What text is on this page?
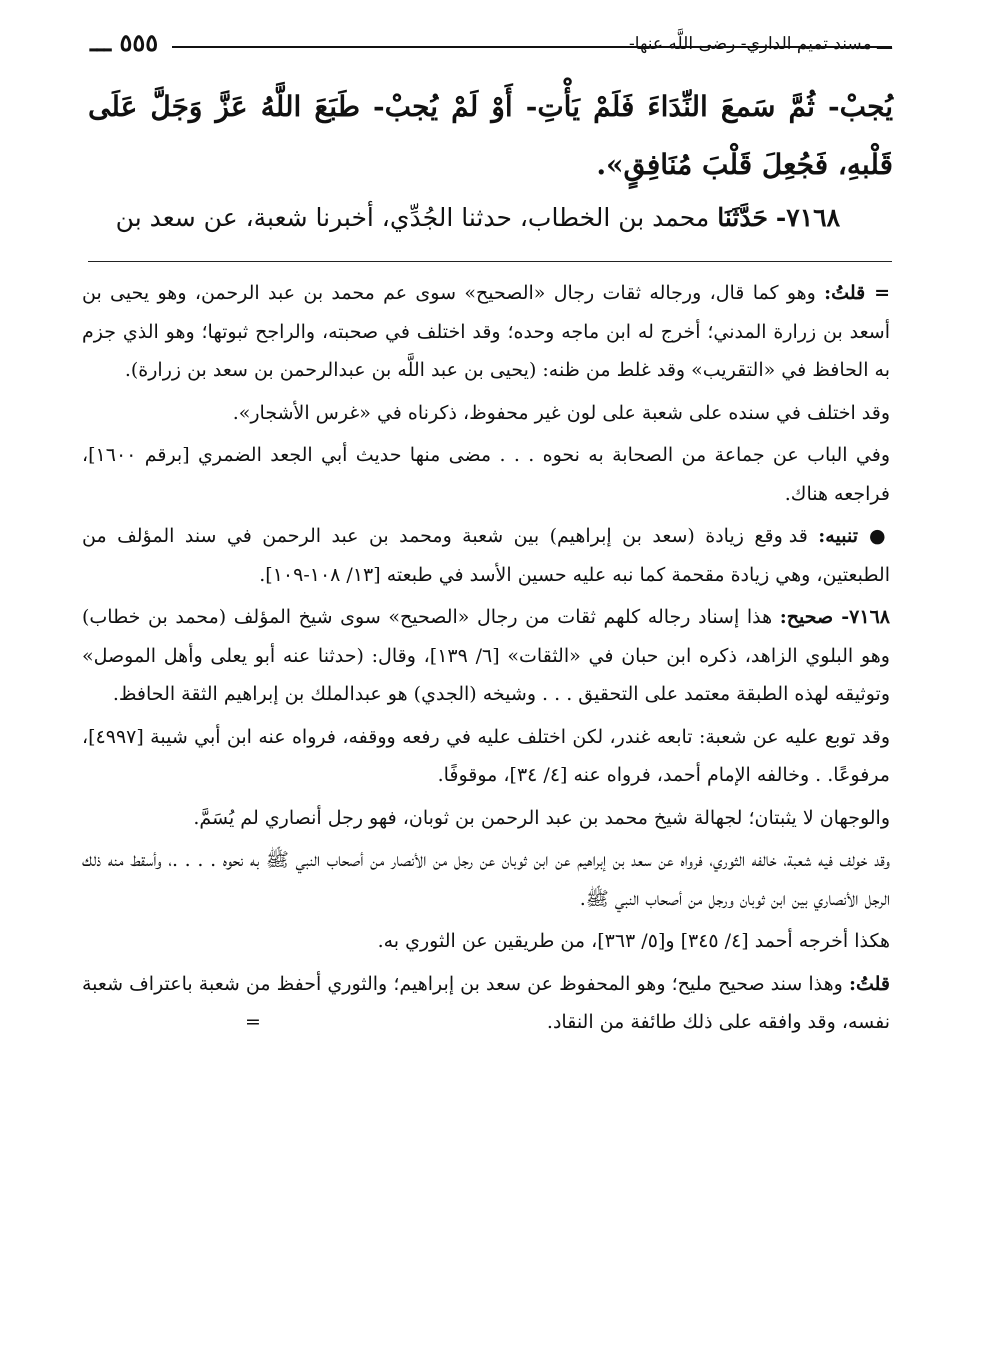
ـــ مسند تميم الداري- رضى اللَّه عنها-
٥٥٥ ـــ

يُجبْ- ثُمَّ سَمعَ النِّدَاءَ فَلَمْ يَأْتِ- أَوْ لَمْ يُجبْ- طَبَعَ اللَّهُ عَزَّ وَجَلَّ عَلَى قَلْبهِ، فَجُعِلَ قَلْبَ مُنَافِقٍ».

٧١٦٨- حَدَّثَنَا محمد بن الخطاب، حدثنا الجُدِّي، أخبرنا شعبة، عن سعد بن

= قلتُ: وهو كما قال، ورجاله ثقات رجال «الصحيح» سوى عم محمد بن عبد الرحمن، وهو يحيى بن أسعد بن زرارة المدني؛ أخرج له ابن ماجه وحده؛ وقد اختلف في صحبته، والراجح ثبوتها؛ وهو الذي جزم به الحافظ في «التقريب» وقد غلط من ظنه: (يحيى بن عبد اللَّه بن عبدالرحمن بن سعد بن زرارة).

وقد اختلف في سنده على شعبة على لون غير محفوظ، ذكرناه في «غرس الأشجار».

وفي الباب عن جماعة من الصحابة به نحوه . . . مضى منها حديث أبي الجعد الضمري [برقم ١٦٠٠]، فراجعه هناك.

● تنبيه: قد وقع زيادة (سعد بن إبراهيم) بين شعبة ومحمد بن عبد الرحمن في سند المؤلف من الطبعتين، وهي زيادة مقحمة كما نبه عليه حسين الأسد في طبعته [١٣/ ١٠٨-١٠٩].

٧١٦٨- صحيح: هذا إسناد رجاله كلهم ثقات من رجال «الصحيح» سوى شيخ المؤلف (محمد بن خطاب) وهو البلوي الزاهد، ذكره ابن حبان في «الثقات» [٦/ ١٣٩]، وقال: (حدثنا عنه أبو يعلى وأهل الموصل» وتوثيقه لهذه الطبقة معتمد على التحقيق . . . وشيخه (الجدي) هو عبدالملك بن إبراهيم الثقة الحافظ.

وقد توبع عليه عن شعبة: تابعه غندر، لكن اختلف عليه في رفعه ووقفه، فرواه عنه ابن أبي شيبة [٤٩٩٧]، مرفوعًا. . وخالفه الإمام أحمد، فرواه عنه [٤/ ٣٤]، موقوفًا.

والوجهان لا يثبتان؛ لجهالة شيخ محمد بن عبد الرحمن بن ثوبان، فهو رجل أنصاري لم يُسَمَّ.

وقد خولف فيه شعبة، خالفه الثوري، فرواه عن سعد بن إبراهيم عن ابن ثوبان عن رجل من الأنصار من أصحاب النبي ﷺ به نحوه . . . .، وأسقط منه ذلك الرجل الأنصاري بين ابن ثوبان ورجل من أصحاب النبي ﷺ.

هكذا أخرجه أحمد [٤/ ٣٤٥] و[٥/ ٣٦٣]، من طريقين عن الثوري به.

قلتُ: وهذا سند صحيح مليح؛ وهو المحفوظ عن سعد بن إبراهيم؛ والثوري أحفظ من شعبة باعتراف شعبة نفسه، وقد وافقه على ذلك طائفة من النقاد. =
